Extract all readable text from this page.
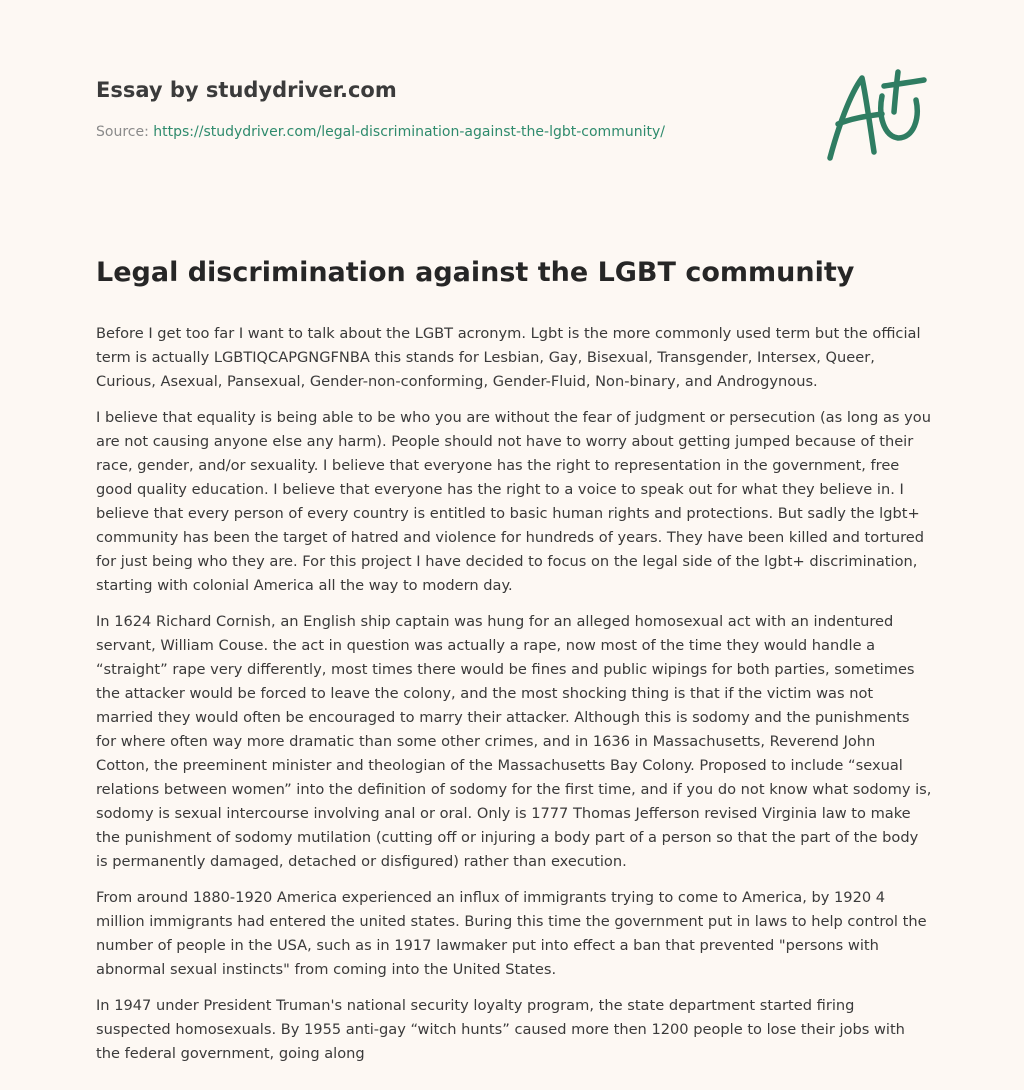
Essay by studydriver.com
Source: https://studydriver.com/legal-discrimination-against-the-lgbt-community/
Legal discrimination against the LGBT community

Before I get too far I want to talk about the LGBT acronym. Lgbt is the more commonly used term but the official term is actually LGBTIQCAPGNGFNBA this stands for Lesbian, Gay, Bisexual, Transgender, Intersex, Queer, Curious, Asexual, Pansexual, Gender-non-conforming, Gender-Fluid, Non-binary, and Androgynous.

I believe that equality is being able to be who you are without the fear of judgment or persecution (as long as you are not causing anyone else any harm). People should not have to worry about getting jumped because of their race, gender, and/or sexuality. I believe that everyone has the right to representation in the government, free good quality education. I believe that everyone has the right to a voice to speak out for what they believe in. I believe that every person of every country is entitled to basic human rights and protections. But sadly the lgbt+ community has been the target of hatred and violence for hundreds of years. They have been killed and tortured for just being who they are. For this project I have decided to focus on the legal side of the lgbt+ discrimination, starting with colonial America all the way to modern day.

In 1624 Richard Cornish, an English ship captain was hung for an alleged homosexual act with an indentured servant, William Couse. the act in question was actually a rape, now most of the time they would handle a “straight” rape very differently, most times there would be fines and public wipings for both parties, sometimes the attacker would be forced to leave the colony, and the most shocking thing is that if the victim was not married they would often be encouraged to marry their attacker. Although this is sodomy and the punishments for where often way more dramatic than some other crimes, and in 1636 in Massachusetts, Reverend John Cotton, the preeminent minister and theologian of the Massachusetts Bay Colony. Proposed to include “sexual relations between women” into the definition of sodomy for the first time, and if you do not know what sodomy is, sodomy is sexual intercourse involving anal or oral. Only is 1777 Thomas Jefferson revised Virginia law to make the punishment of sodomy mutilation (cutting off or injuring a body part of a person so that the part of the body is permanently damaged, detached or disfigured) rather than execution.

From around 1880-1920 America experienced an influx of immigrants trying to come to America, by 1920 4 million immigrants had entered the united states. Buring this time the government put in laws to help control the number of people in the USA, such as in 1917 lawmaker put into effect a ban that prevented "persons with abnormal sexual instincts" from coming into the United States.

In 1947 under President Truman's national security loyalty program, the state department started firing suspected homosexuals. By 1955 anti-gay “witch hunts” caused more then 1200 people to lose their jobs with the federal government, going along
